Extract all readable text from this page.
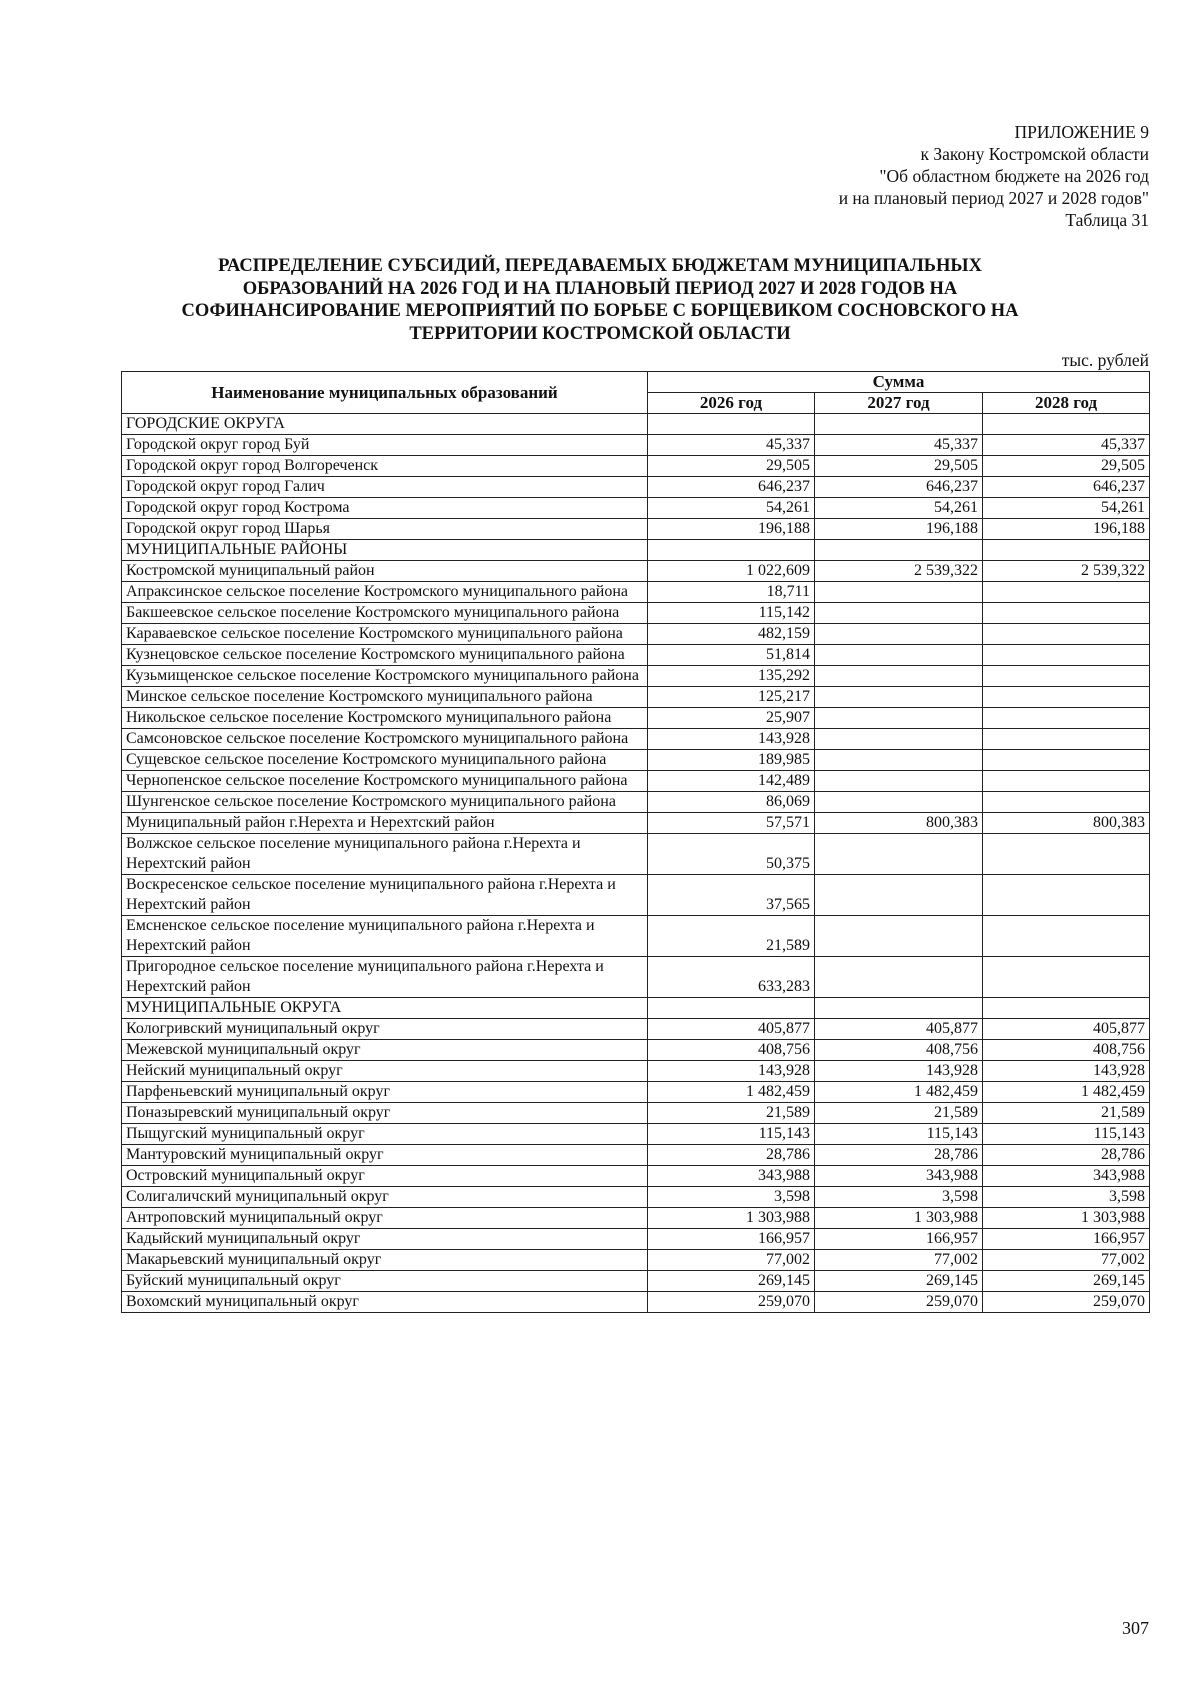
ПРИЛОЖЕНИЕ 9
к Закону Костромской области
"Об областном бюджете на 2026 год
и на плановый период 2027 и 2028 годов"
Таблица 31
РАСПРЕДЕЛЕНИЕ СУБСИДИЙ, ПЕРЕДАВАЕМЫХ БЮДЖЕТАМ МУНИЦИПАЛЬНЫХ
ОБРАЗОВАНИЙ НА 2026 ГОД И НА ПЛАНОВЫЙ ПЕРИОД 2027 И 2028 ГОДОВ НА
СОФИНАНСИРОВАНИЕ МЕРОПРИЯТИЙ ПО БОРЬБЕ С БОРЩЕВИКОМ СОСНОВСКОГО НА
ТЕРРИТОРИИ КОСТРОМСКОЙ ОБЛАСТИ
тыс. рублей
Наименование муниципальных образований	Сумма		
	2026 год	2027 год	2028 год
ГОРОДСКИЕ ОКРУГА			
Городской округ город Буй	45,337	45,337	45,337
Городской округ город Волгореченск	29,505	29,505	29,505
Городской округ город Галич	646,237	646,237	646,237
Городской округ город Кострома	54,261	54,261	54,261
Городской округ город Шарья	196,188	196,188	196,188
МУНИЦИПАЛЬНЫЕ РАЙОНЫ			
Костромской муниципальный район	1 022,609	2 539,322	2 539,322
Апраксинское сельское поселение Костромского муниципального района	18,711		
Бакшеевское сельское поселение Костромского муниципального района	115,142		
Караваевское сельское поселение Костромского муниципального района	482,159		
Кузнецовское сельское поселение Костромского муниципального района	51,814		
Кузьмищенское сельское поселение Костромского муниципального района	135,292		
Минское сельское поселение Костромского муниципального района	125,217		
Никольское сельское поселение Костромского муниципального района	25,907		
Самсоновское сельское поселение Костромского муниципального района	143,928		
Сущевское сельское поселение Костромского муниципального района	189,985		
Чернопенское сельское поселение Костромского муниципального района	142,489		
Шунгенское сельское поселение Костромского муниципального района	86,069		
Муниципальный район г.Нерехта и Нерехтский район	57,571	800,383	800,383
Волжское сельское поселение муниципального района г.Нерехта и Нерехтский район	50,375		
Воскресенское сельское поселение муниципального района г.Нерехта и Нерехтский район	37,565		
Емсненское сельское поселение муниципального района г.Нерехта и Нерехтский район	21,589		
Пригородное сельское поселение муниципального района г.Нерехта и Нерехтский район	633,283		
МУНИЦИПАЛЬНЫЕ ОКРУГА			
Кологривский муниципальный округ	405,877	405,877	405,877
Межевской муниципальный округ	408,756	408,756	408,756
Нейский муниципальный округ	143,928	143,928	143,928
Парфеньевский муниципальный округ	1 482,459	1 482,459	1 482,459
Поназыревский муниципальный округ	21,589	21,589	21,589
Пыщугский муниципальный округ	115,143	115,143	115,143
Мантуровский муниципальный округ	28,786	28,786	28,786
Островский муниципальный округ	343,988	343,988	343,988
Солигаличский муниципальный округ	3,598	3,598	3,598
Антроповский муниципальный округ	1 303,988	1 303,988	1 303,988
Кадыйский муниципальный округ	166,957	166,957	166,957
Макарьевский муниципальный округ	77,002	77,002	77,002
Буйский муниципальный округ	269,145	269,145	269,145
Вохомский муниципальный округ	259,070	259,070	259,070
307
